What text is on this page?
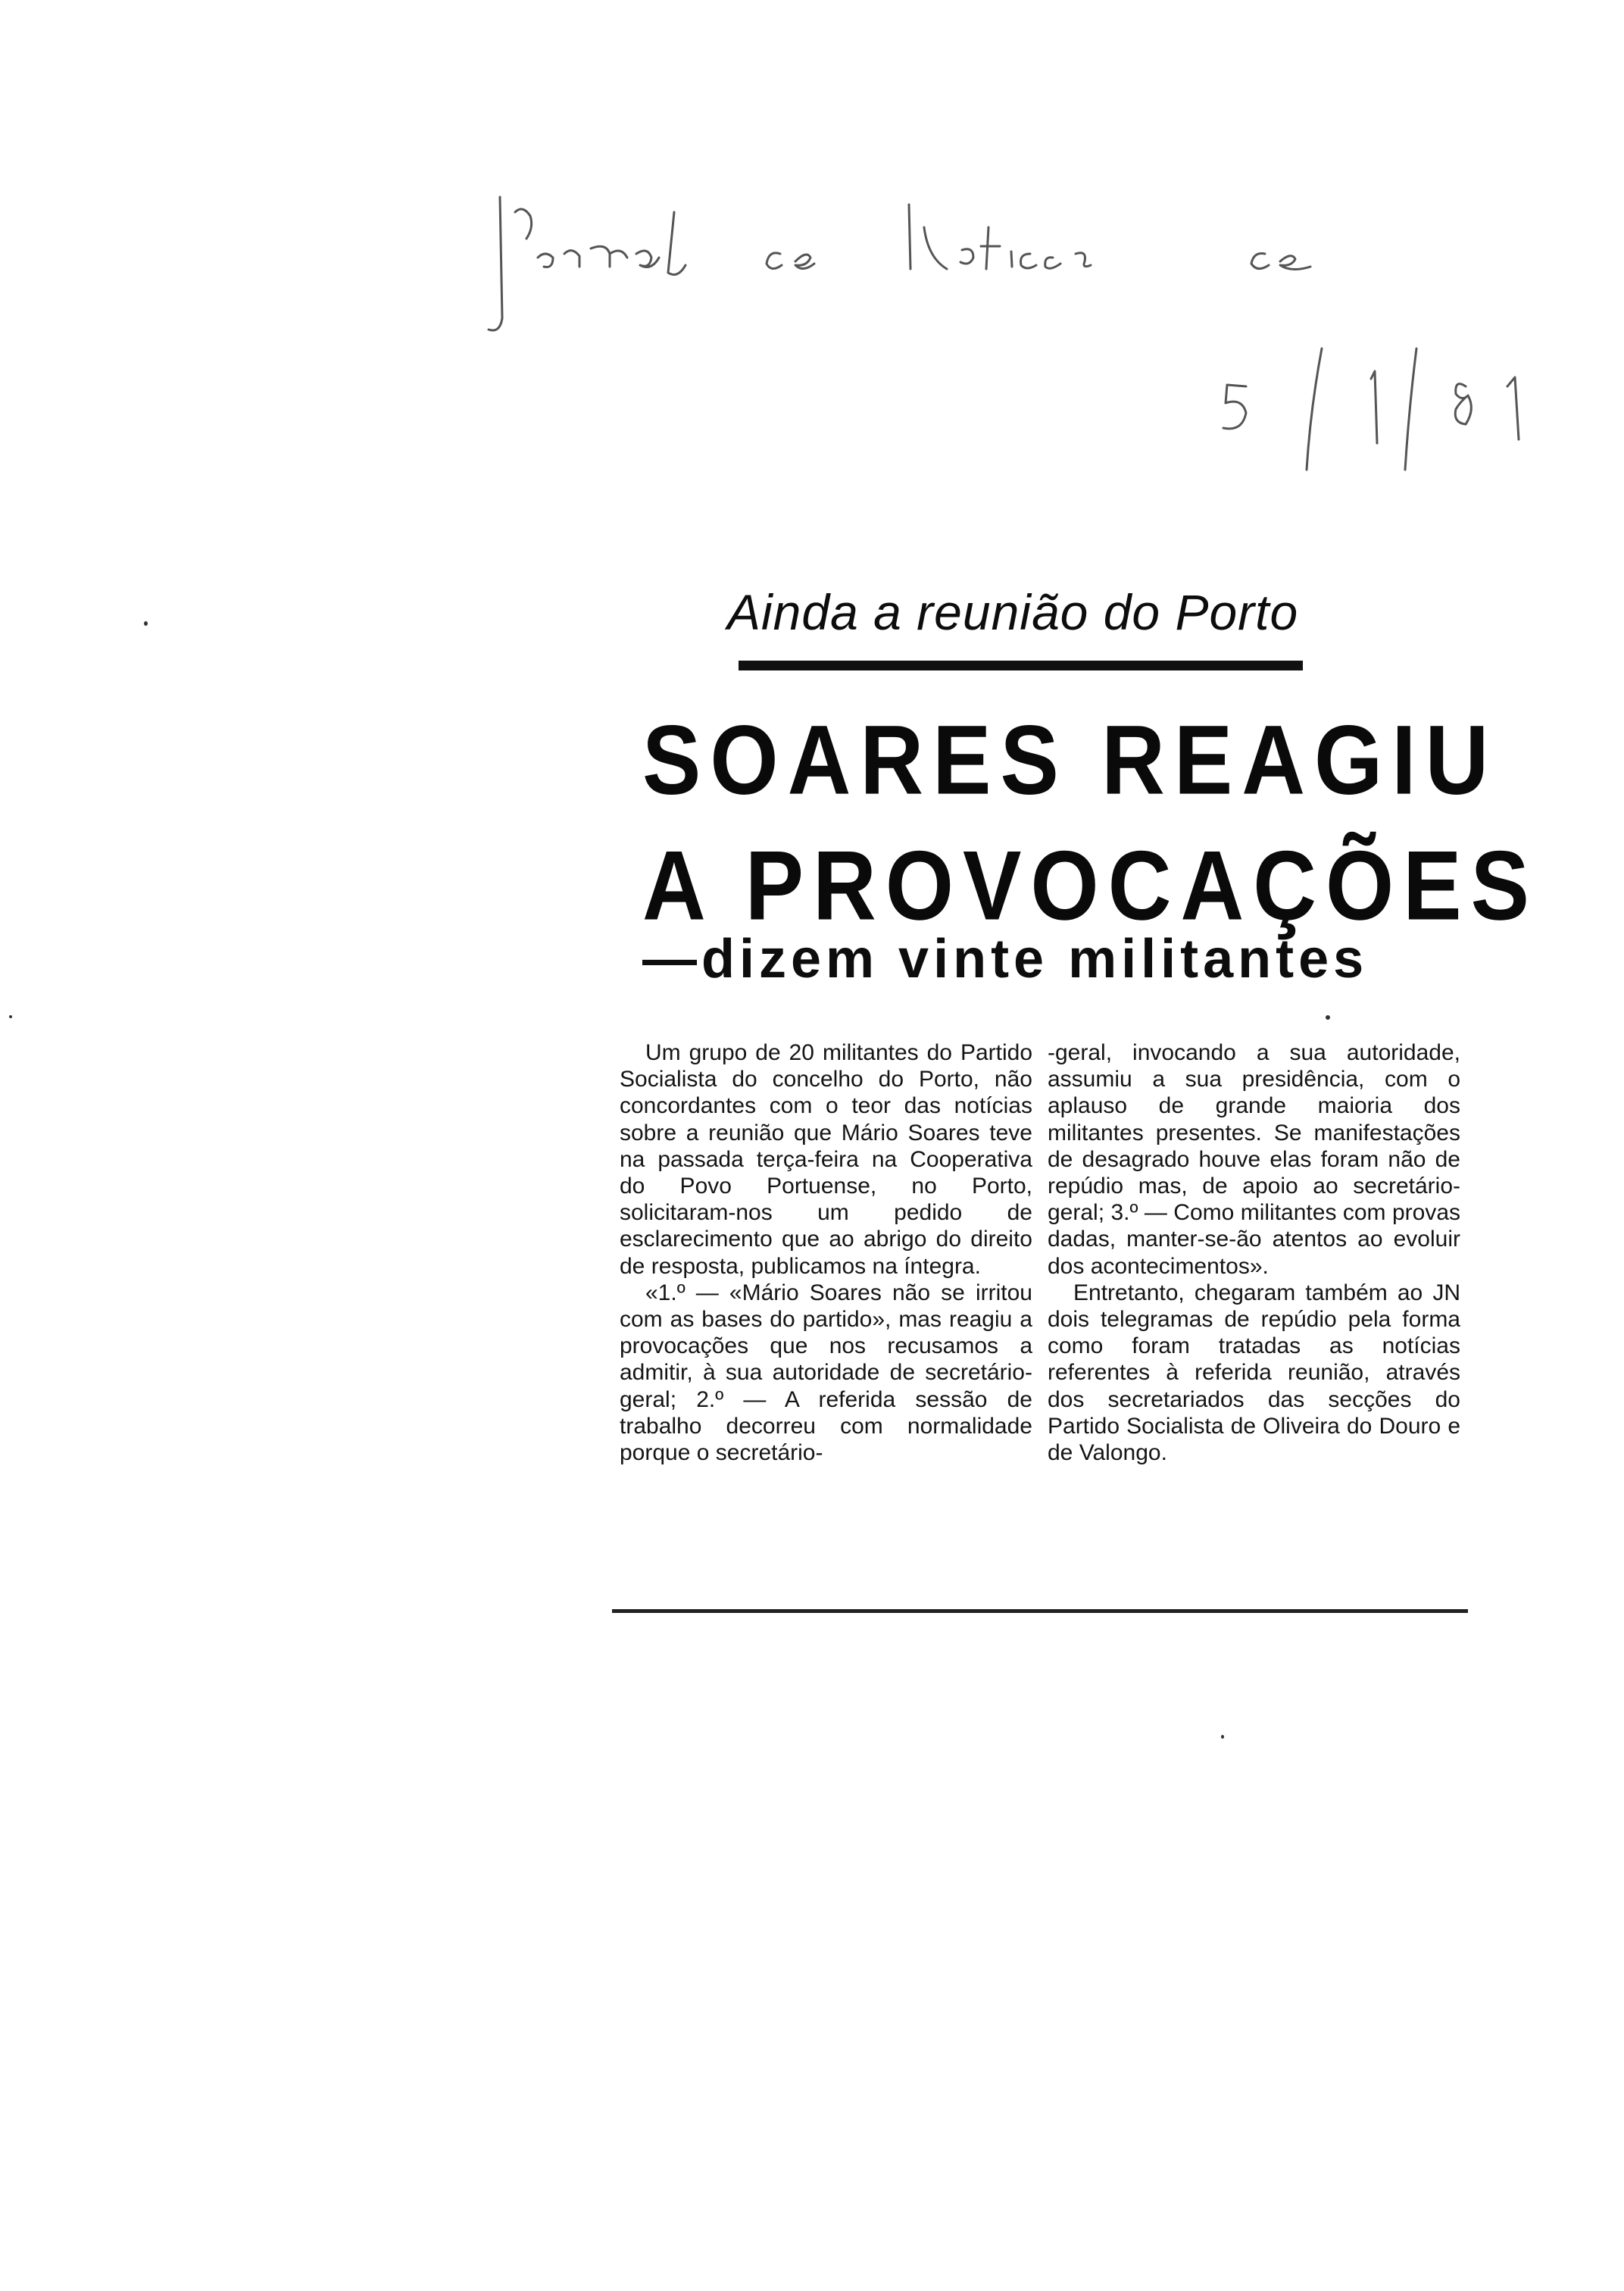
Ainda a reunião do Porto
SOARES REAGIU
A PROVOCAÇÕES
—dizem vinte militantes

Um grupo de 20 militantes do Partido Socialista do concelho do Porto, não concordantes com o teor das notícias sobre a reunião que Mário Soares teve na passada terça-feira na Cooperativa do Povo Portuense, no Porto, solicitaram-nos um pedido de esclarecimento que ao abrigo do direito de resposta, publicamos na íntegra.

«1.º — «Mário Soares não se irritou com as bases do partido», mas reagiu a provocações que nos recusamos a admitir, à sua autoridade de secretário-geral; 2.º — A referida sessão de trabalho decorreu com normalidade porque o secretário-

-geral, invocando a sua autoridade, assumiu a sua presidência, com o aplauso de grande maioria dos militantes presentes. Se manifestações de desagrado houve elas foram não de repúdio mas, de apoio ao secretário-geral; 3.º — Como militantes com provas dadas, manter-se-ão atentos ao evoluir dos acontecimentos».

Entretanto, chegaram também ao JN dois telegramas de repúdio pela forma como foram tratadas as notícias referentes à referida reunião, através dos secretariados das secções do Partido Socialista de Oliveira do Douro e de Valongo.
